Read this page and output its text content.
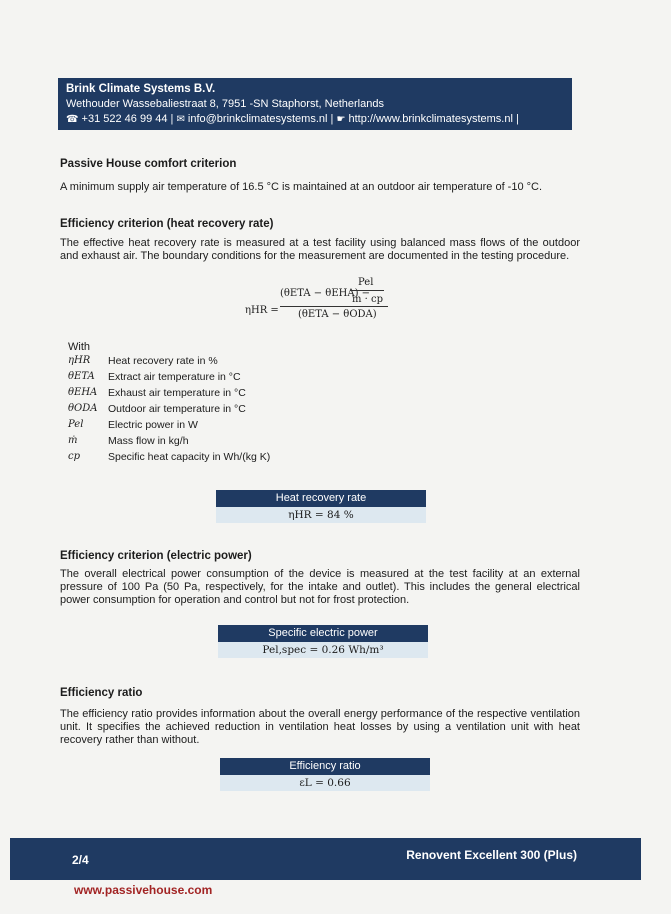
Brink Climate Systems B.V.
Wethouder Wassebaliestraat 8, 7951 -SN Staphorst, Netherlands
☎ +31 522 46 99 44 | ✉ info@brinkclimatesystems.nl | ☛ http://www.brinkclimatesystems.nl |
Passive House comfort criterion
A minimum supply air temperature of 16.5 °C is maintained at an outdoor air temperature of -10 °C.
Efficiency criterion (heat recovery rate)
The effective heat recovery rate is measured at a test facility using balanced mass flows of the outdoor and exhaust air. The boundary conditions for the measurement are documented in the testing procedure.
ηHR =
(θETA − θEHA) −
Pel
ṁ · cp
(θETA − θODA)
With
ηHR	Heat recovery rate in %
θETA	Extract air temperature in °C
θEHA	Exhaust air temperature in °C
θODA	Outdoor air temperature in °C
Pel	Electric power in W
ṁ	Mass flow in kg/h
cp	Specific heat capacity in Wh/(kg K)
Heat recovery rate
ηHR = 84 %
Efficiency criterion (electric power)
The overall electrical power consumption of the device is measured at the test facility at an external pressure of 100 Pa (50 Pa, respectively, for the intake and outlet). This includes the general electrical power consumption for operation and control but not for frost protection.
Specific electric power
Pel,spec = 0.26 Wh/m³
Efficiency ratio
The efficiency ratio provides information about the overall energy performance of the respective ventilation unit. It specifies the achieved reduction in ventilation heat losses by using a ventilation unit with heat recovery rather than without.
Efficiency ratio
εL = 0.66
2/4	Renovent Excellent 300 (Plus)
www.passivehouse.com
